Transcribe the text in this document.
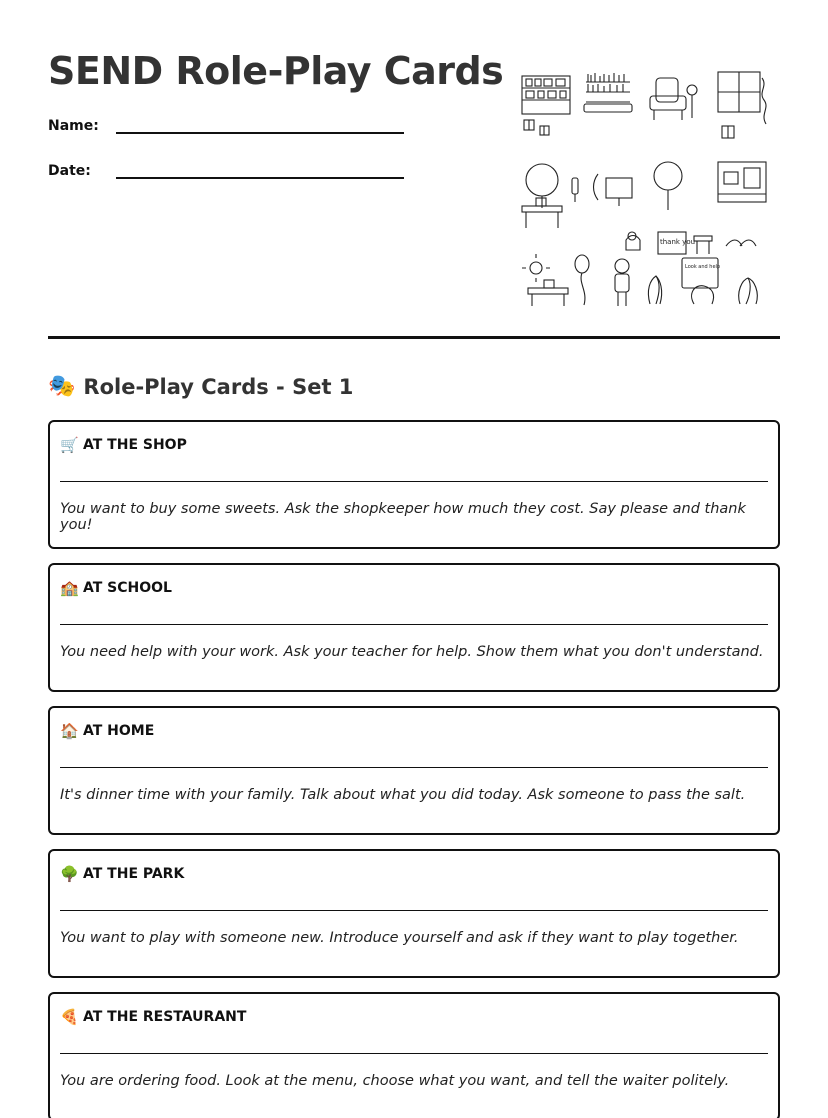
SEND Role-Play Cards
Name:
Date:
thank you
Look and help
🎭 Role-Play Cards - Set 1
🛒 AT THE SHOP
You want to buy some sweets. Ask the shopkeeper how much they cost. Say please and thank you!
🏫 AT SCHOOL
You need help with your work. Ask your teacher for help. Show them what you don't understand.
🏠 AT HOME
It's dinner time with your family. Talk about what you did today. Ask someone to pass the salt.
🌳 AT THE PARK
You want to play with someone new. Introduce yourself and ask if they want to play together.
🍕 AT THE RESTAURANT
You are ordering food. Look at the menu, choose what you want, and tell the waiter politely.
